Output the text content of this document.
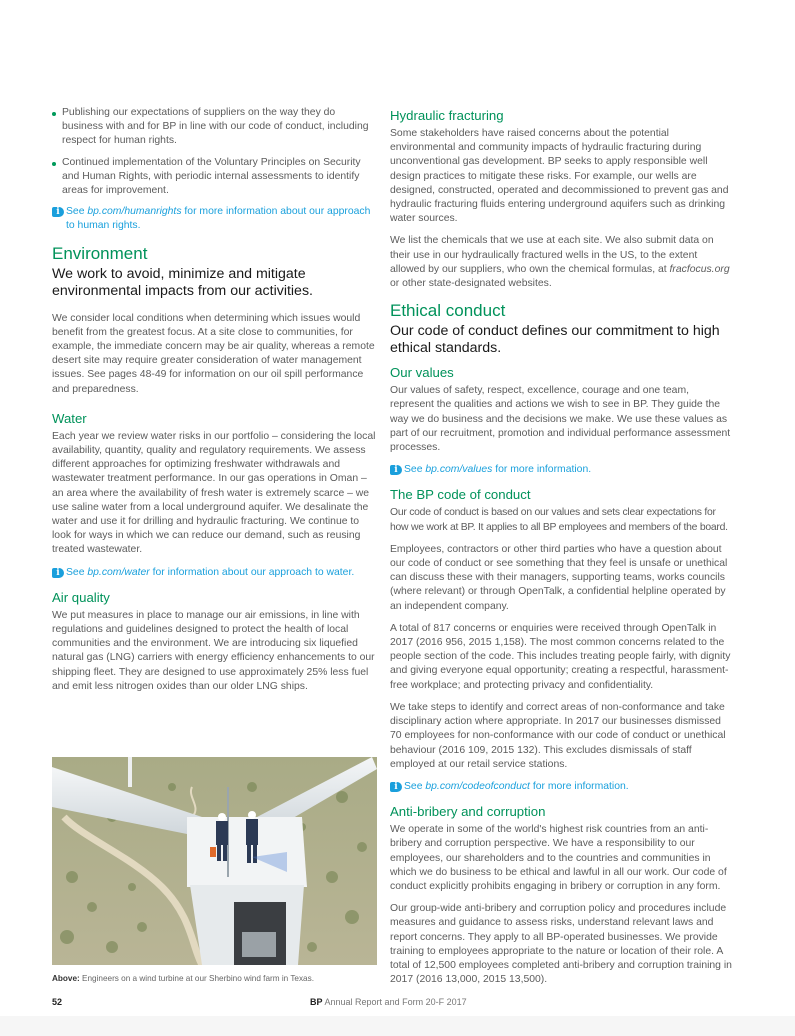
Publishing our expectations of suppliers on the way they do business with and for BP in line with our code of conduct, including respect for human rights.
Continued implementation of the Voluntary Principles on Security and Human Rights, with periodic internal assessments to identify areas for improvement.
i See bp.com/humanrights for more information about our approach to human rights.
Environment
We work to avoid, minimize and mitigate environmental impacts from our activities.

We consider local conditions when determining which issues would benefit from the greatest focus. At a site close to communities, for example, the immediate concern may be air quality, whereas a remote desert site may require greater consideration of water management issues. See pages 48-49 for information on our oil spill performance and preparedness.

Water

Each year we review water risks in our portfolio – considering the local availability, quantity, quality and regulatory requirements. We assess different approaches for optimizing freshwater withdrawals and wastewater treatment performance. In our gas operations in Oman – an area where the availability of fresh water is extremely scarce – we use saline water from a local underground aquifer. We desalinate the water and use it for drilling and hydraulic fracturing. We continue to look for ways in which we can reduce our demand, such as reusing treated wastewater.

i See bp.com/water for information about our approach to water.
Air quality

We put measures in place to manage our air emissions, in line with regulations and guidelines designed to protect the health of local communities and the environment. We are introducing six liquefied natural gas (LNG) carriers with energy efficiency enhancements to our shipping fleet. They are designed to use approximately 25% less fuel and emit less nitrogen oxides than our older LNG ships.

Hydraulic fracturing

Some stakeholders have raised concerns about the potential environmental and community impacts of hydraulic fracturing during unconventional gas development. BP seeks to apply responsible well design practices to mitigate these risks. For example, our wells are designed, constructed, operated and decommissioned to prevent gas and hydraulic fracturing fluids entering underground aquifers such as drinking water sources.

We list the chemicals that we use at each site. We also submit data on their use in our hydraulically fractured wells in the US, to the extent allowed by our suppliers, who own the chemical formulas, at fracfocus.org or other state-designated websites.

Ethical conduct
Our code of conduct defines our commitment to high ethical standards.
Our values

Our values of safety, respect, excellence, courage and one team, represent the qualities and actions we wish to see in BP. They guide the way we do business and the decisions we make. We use these values as part of our recruitment, promotion and individual performance assessment processes.

i See bp.com/values for more information.
The BP code of conduct

Our code of conduct is based on our values and sets clear expectations for how we work at BP. It applies to all BP employees and members of the board.

Employees, contractors or other third parties who have a question about our code of conduct or see something that they feel is unsafe or unethical can discuss these with their managers, supporting teams, works councils (where relevant) or through OpenTalk, a confidential helpline operated by an independent company.

A total of 817 concerns or enquiries were received through OpenTalk in 2017 (2016 956, 2015 1,158). The most common concerns related to the people section of the code. This includes treating people fairly, with dignity and giving everyone equal opportunity; creating a respectful, harassment-free workplace; and protecting privacy and confidentiality.

We take steps to identify and correct areas of non-conformance and take disciplinary action where appropriate. In 2017 our businesses dismissed 70 employees for non-conformance with our code of conduct or unethical behaviour (2016 109, 2015 132). This excludes dismissals of staff employed at our retail service stations.

i See bp.com/codeofconduct for more information.
Anti-bribery and corruption

We operate in some of the world's highest risk countries from an anti-bribery and corruption perspective. We have a responsibility to our employees, our shareholders and to the countries and communities in which we do business to be ethical and lawful in all our work. Our code of conduct explicitly prohibits engaging in bribery or corruption in any form.

Our group-wide anti-bribery and corruption policy and procedures include measures and guidance to assess risks, understand relevant laws and report concerns. They apply to all BP-operated businesses. We provide training to employees appropriate to the nature or location of their role. A total of 12,500 employees completed anti-bribery and corruption training in 2017 (2016 13,000, 2015 13,500).

Above: Engineers on a wind turbine at our Sherbino wind farm in Texas.
52	BP Annual Report and Form 20-F 2017
